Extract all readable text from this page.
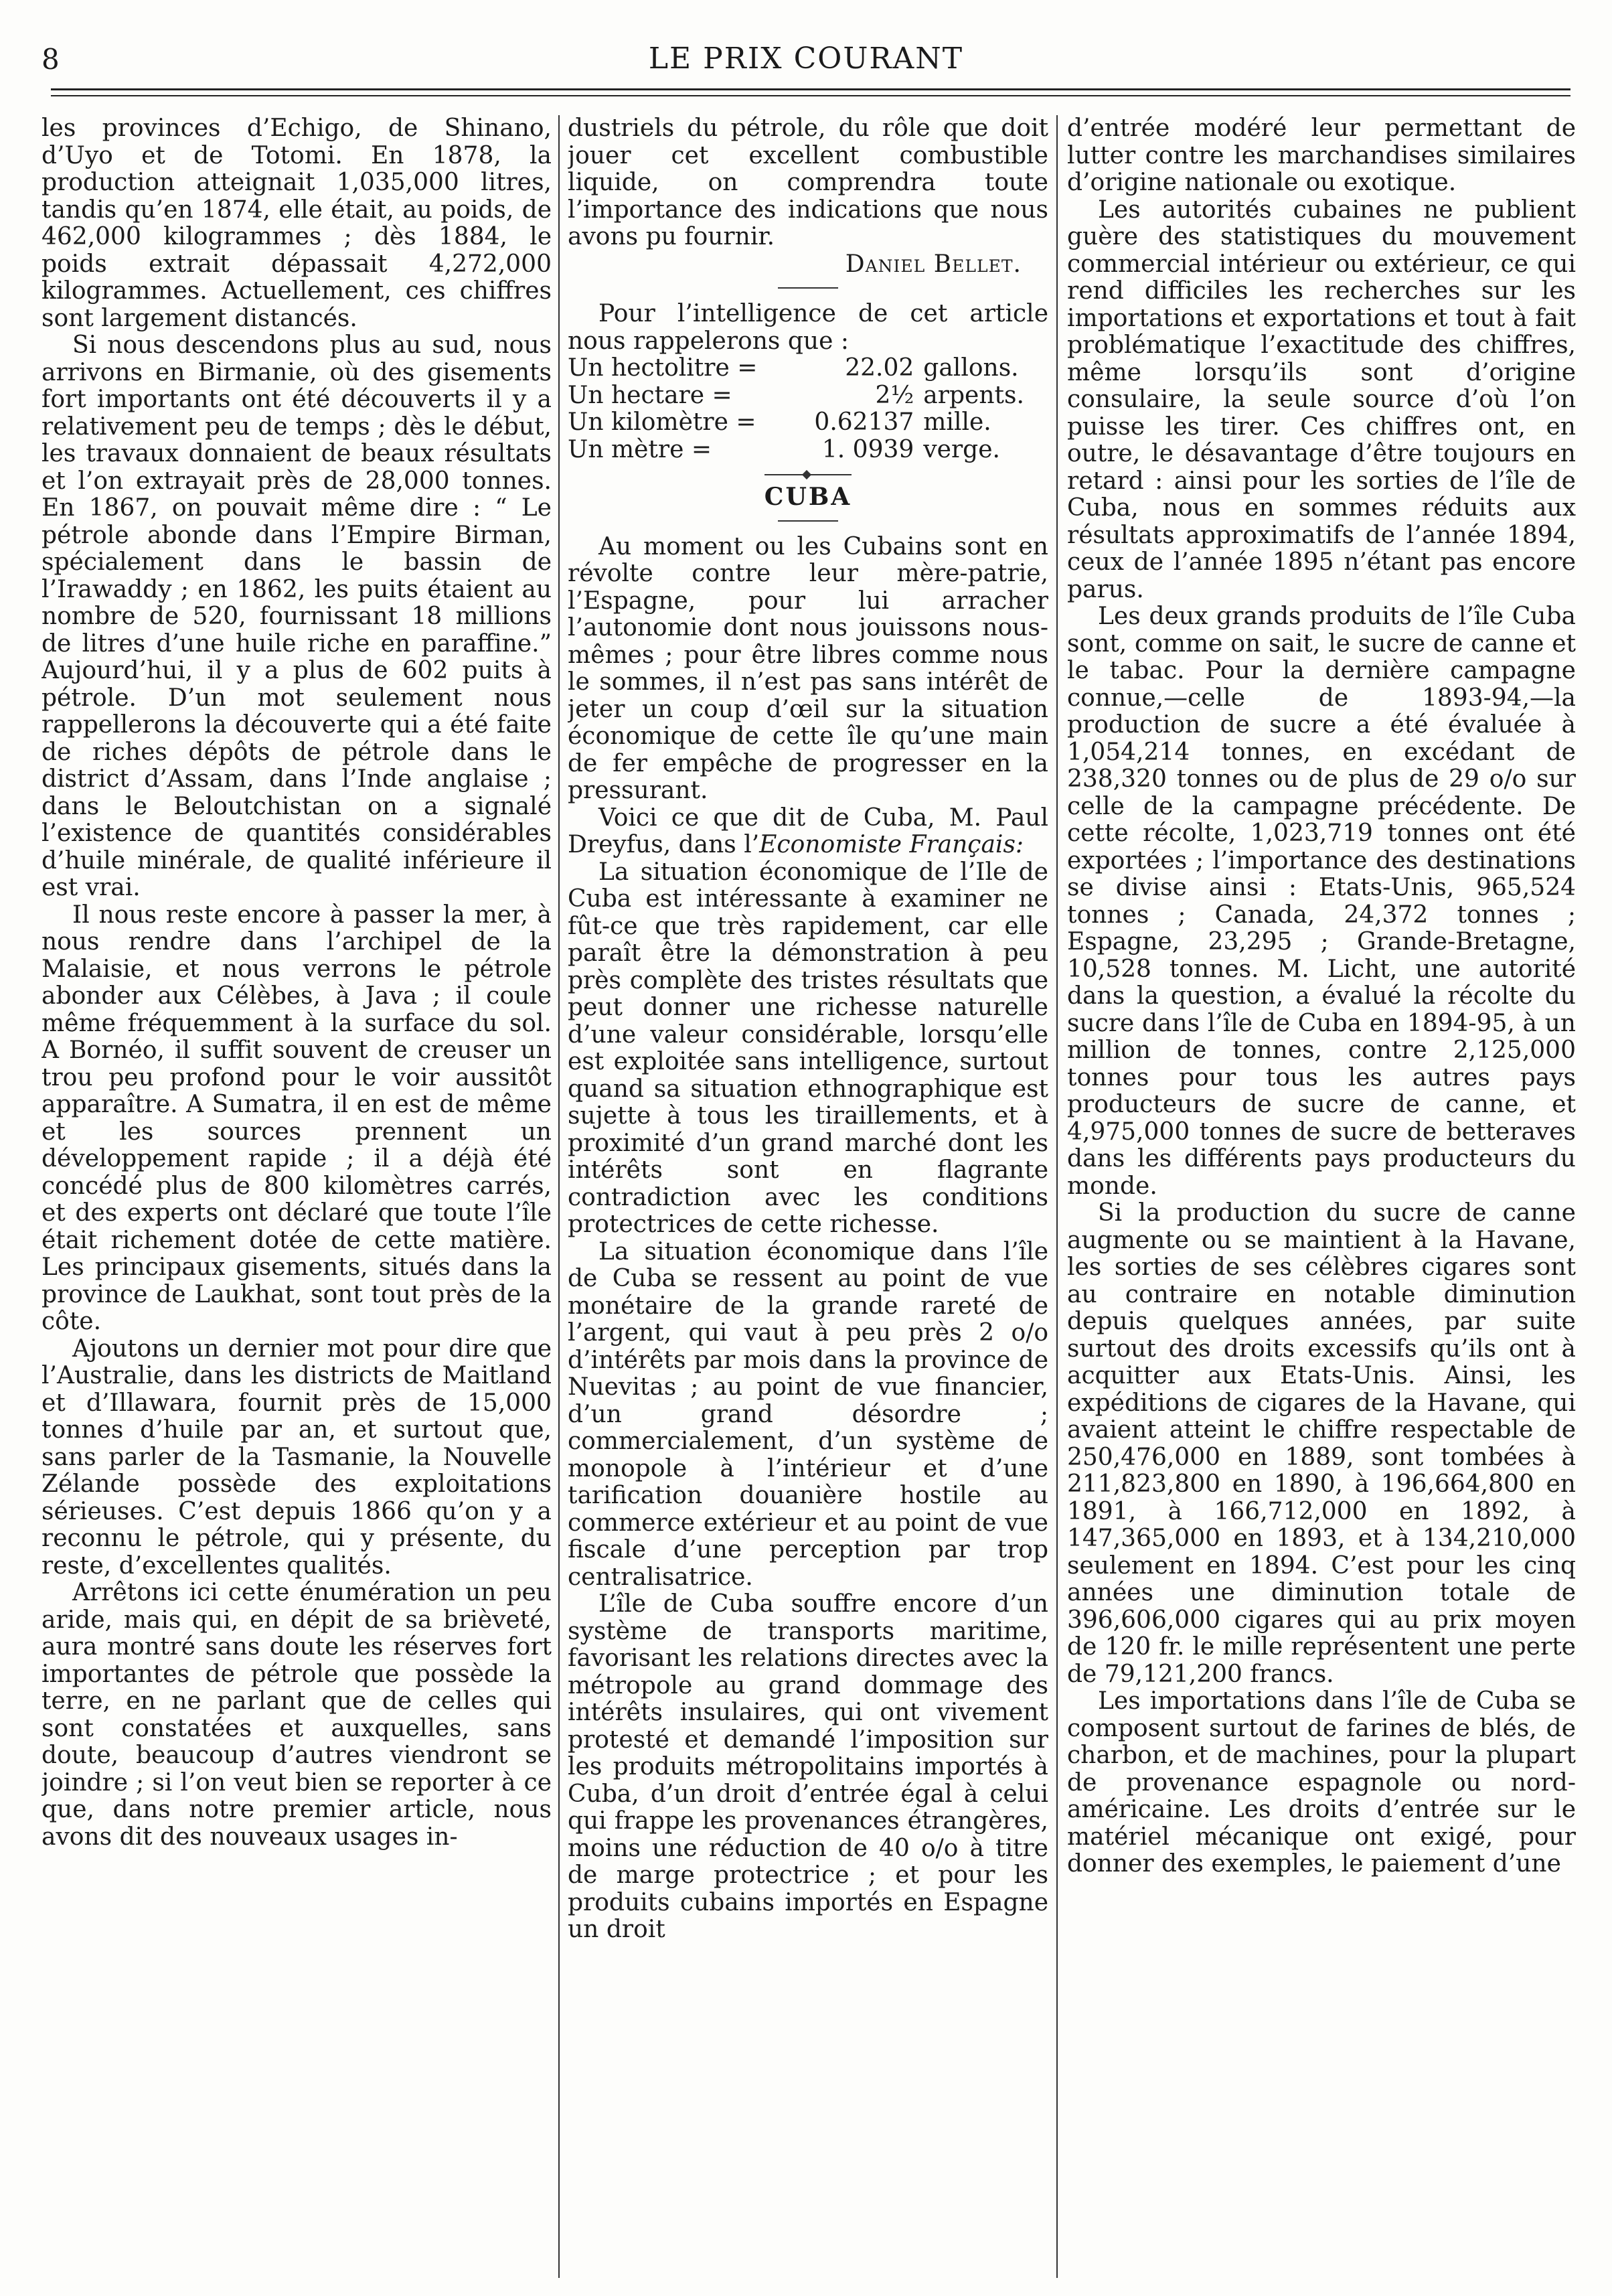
8	LE PRIX COURANT

les provinces d’Echigo, de Shinano, d’Uyo et de Totomi. En 1878, la production atteignait 1,035,000 litres, tandis qu’en 1874, elle était, au poids, de 462,000 kilogrammes ; dès 1884, le poids extrait dépassait 4,272,000 kilogrammes. Actuellement, ces chiffres sont largement distancés.

Si nous descendons plus au sud, nous arrivons en Birmanie, où des gisements fort importants ont été découverts il y a relativement peu de temps ; dès le début, les travaux donnaient de beaux résultats et l’on extrayait près de 28,000 tonnes. En 1867, on pouvait même dire : “ Le pétrole abonde dans l’Empire Birman, spécialement dans le bassin de l’Irawaddy ; en 1862, les puits étaient au nombre de 520, fournissant 18 millions de litres d’une huile riche en paraffine.” Aujourd’hui, il y a plus de 602 puits à pétrole. D’un mot seulement nous rappellerons la découverte qui a été faite de riches dépôts de pétrole dans le district d’Assam, dans l’Inde anglaise ; dans le Beloutchistan on a signalé l’existence de quantités considérables d’huile minérale, de qualité inférieure il est vrai.

Il nous reste encore à passer la mer, à nous rendre dans l’archipel de la Malaisie, et nous verrons le pétrole abonder aux Célèbes, à Java ; il coule même fréquemment à la surface du sol. A Bornéo, il suffit souvent de creuser un trou peu profond pour le voir aussitôt apparaître. A Sumatra, il en est de même et les sources prennent un développement rapide ; il a déjà été concédé plus de 800 kilomètres carrés, et des experts ont déclaré que toute l’île était richement dotée de cette matière. Les principaux gisements, situés dans la province de Laukhat, sont tout près de la côte.

Ajoutons un dernier mot pour dire que l’Australie, dans les districts de Maitland et d’Illawara, fournit près de 15,000 tonnes d’huile par an, et surtout que, sans parler de la Tasmanie, la Nouvelle Zélande possède des exploitations sérieuses. C’est depuis 1866 qu’on y a reconnu le pétrole, qui y présente, du reste, d’excellentes qualités.

Arrêtons ici cette énumération un peu aride, mais qui, en dépit de sa brièveté, aura montré sans doute les réserves fort importantes de pétrole que possède la terre, en ne parlant que de celles qui sont constatées et auxquelles, sans doute, beaucoup d’autres viendront se joindre ; si l’on veut bien se reporter à ce que, dans notre premier article, nous avons dit des nouveaux usages in-

dustriels du pétrole, du rôle que doit jouer cet excellent combustible liquide, on comprendra toute l’importance des indications que nous avons pu fournir.

Daniel Bellet.

Pour l’intelligence de cet article nous rappelerons que :

Un hectolitre =	22.02	gallons.
Un hectare =	2½	arpents.
Un kilomètre =	0.62137	mille.
Un mètre =	1. 0939	verge.
CUBA

Au moment ou les Cubains sont en révolte contre leur mère-patrie, l’Espagne, pour lui arracher l’autonomie dont nous jouissons nous-mêmes ; pour être libres comme nous le sommes, il n’est pas sans intérêt de jeter un coup d’œil sur la situation économique de cette île qu’une main de fer empêche de progresser en la pressurant.

Voici ce que dit de Cuba, M. Paul Dreyfus, dans l’Economiste Français:

La situation économique de l’Ile de Cuba est intéressante à examiner ne fût-ce que très rapidement, car elle paraît être la démonstration à peu près complète des tristes résultats que peut donner une richesse naturelle d’une valeur considérable, lorsqu’elle est exploitée sans intelligence, surtout quand sa situation ethnographique est sujette à tous les tiraillements, et à proximité d’un grand marché dont les intérêts sont en flagrante contradiction avec les conditions protectrices de cette richesse.

La situation économique dans l’île de Cuba se ressent au point de vue monétaire de la grande rareté de l’argent, qui vaut à peu près 2 o/o d’intérêts par mois dans la province de Nuevitas ; au point de vue financier, d’un grand désordre ; commercialement, d’un système de monopole à l’intérieur et d’une tarification douanière hostile au commerce extérieur et au point de vue fiscale d’une perception par trop centralisatrice.

L’île de Cuba souffre encore d’un système de transports maritime, favorisant les relations directes avec la métropole au grand dommage des intérêts insulaires, qui ont vivement protesté et demandé l’imposition sur les produits métropolitains importés à Cuba, d’un droit d’entrée égal à celui qui frappe les provenances étrangères, moins une réduction de 40 o/o à titre de marge protectrice ; et pour les produits cubains importés en Espagne un droit

d’entrée modéré leur permettant de lutter contre les marchandises similaires d’origine nationale ou exotique.

Les autorités cubaines ne publient guère des statistiques du mouvement commercial intérieur ou extérieur, ce qui rend difficiles les recherches sur les importations et exportations et tout à fait problématique l’exactitude des chiffres, même lorsqu’ils sont d’origine consulaire, la seule source d’où l’on puisse les tirer. Ces chiffres ont, en outre, le désavantage d’être toujours en retard : ainsi pour les sorties de l’île de Cuba, nous en sommes réduits aux résultats approximatifs de l’année 1894, ceux de l’année 1895 n’étant pas encore parus.

Les deux grands produits de l’île Cuba sont, comme on sait, le sucre de canne et le tabac. Pour la dernière campagne connue,—celle de 1893-94,—la production de sucre a été évaluée à 1,054,214 tonnes, en excédant de 238,320 tonnes ou de plus de 29 o/o sur celle de la campagne précédente. De cette récolte, 1,023,719 tonnes ont été exportées ; l’importance des destinations se divise ainsi : Etats-Unis, 965,524 tonnes ; Canada, 24,372 tonnes ; Espagne, 23,295 ; Grande-Bretagne, 10,528 tonnes. M. Licht, une autorité dans la question, a évalué la récolte du sucre dans l’île de Cuba en 1894-95, à un million de tonnes, contre 2,125,000 tonnes pour tous les autres pays producteurs de sucre de canne, et 4,975,000 tonnes de sucre de betteraves dans les différents pays producteurs du monde.

Si la production du sucre de canne augmente ou se maintient à la Havane, les sorties de ses célèbres cigares sont au contraire en notable diminution depuis quelques années, par suite surtout des droits excessifs qu’ils ont à acquitter aux Etats-Unis. Ainsi, les expéditions de cigares de la Havane, qui avaient atteint le chiffre respectable de 250,476,000 en 1889, sont tombées à 211,823,800 en 1890, à 196,664,800 en 1891, à 166,712,000 en 1892, à 147,365,000 en 1893, et à 134,210,000 seulement en 1894. C’est pour les cinq années une diminution totale de 396,606,000 cigares qui au prix moyen de 120 fr. le mille représentent une perte de 79,121,200 francs.

Les importations dans l’île de Cuba se composent surtout de farines de blés, de charbon, et de machines, pour la plupart de provenance espagnole ou nord-américaine. Les droits d’entrée sur le matériel mécanique ont exigé, pour donner des exemples, le paiement d’une
